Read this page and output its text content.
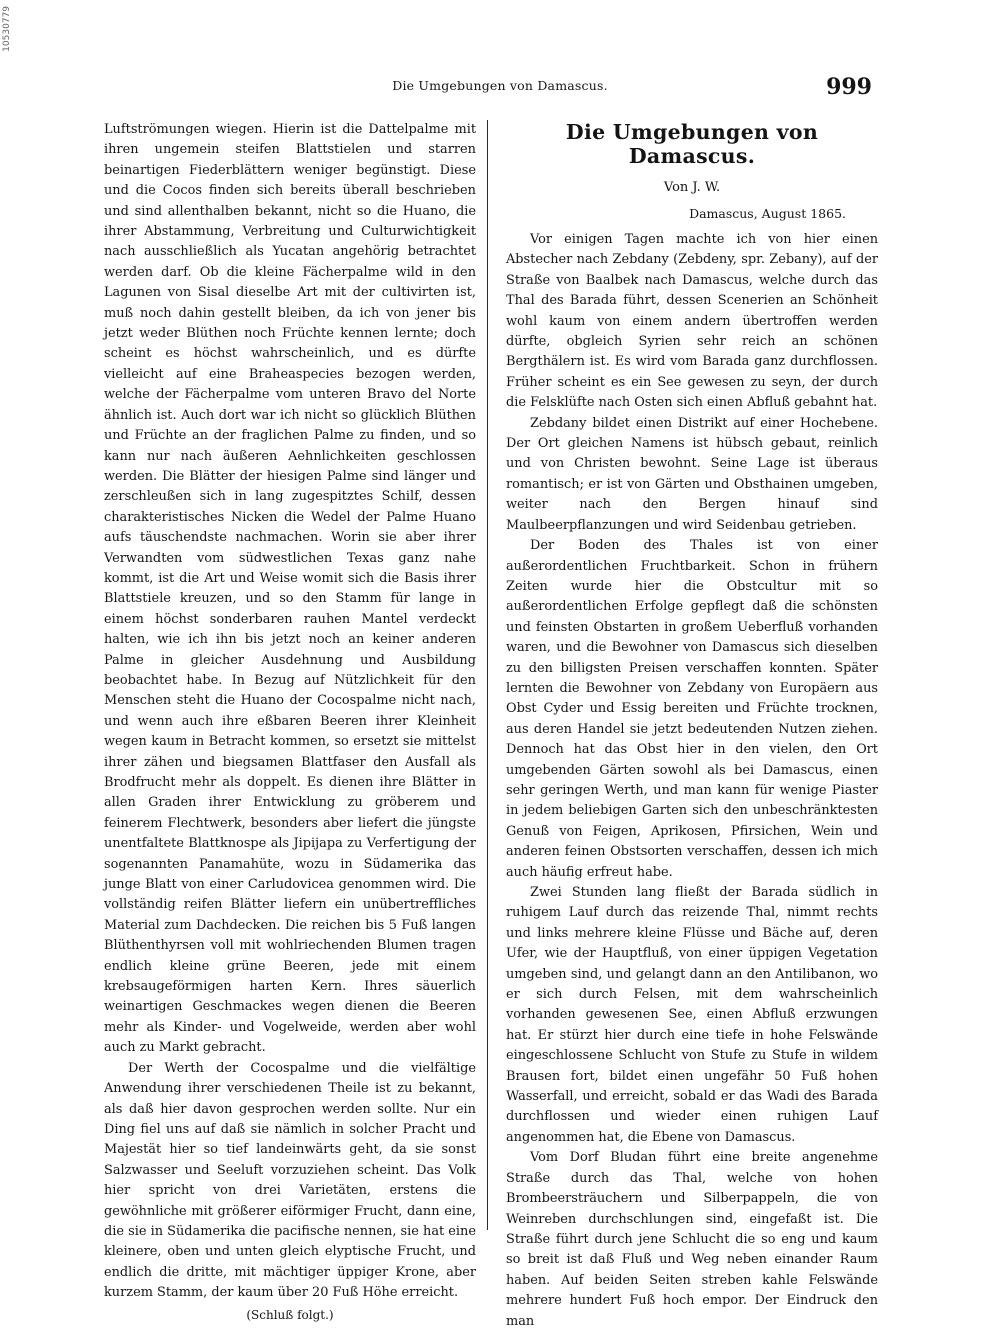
10530779
Die Umgebungen von Damascus.	999

Luftströmungen wiegen. Hierin ist die Dattelpalme mit ihren ungemein steifen Blattstielen und starren beinartigen Fiederblättern weniger begünstigt. Diese und die Cocos finden sich bereits überall beschrieben und sind allenthalben bekannt, nicht so die Huano, die ihrer Abstammung, Verbreitung und Culturwichtigkeit nach ausschließlich als Yucatan angehörig betrachtet werden darf. Ob die kleine Fächerpalme wild in den Lagunen von Sisal dieselbe Art mit der cultivirten ist, muß noch dahin gestellt bleiben, da ich von jener bis jetzt weder Blüthen noch Früchte kennen lernte; doch scheint es höchst wahrscheinlich, und es dürfte vielleicht auf eine Braheaspecies bezogen werden, welche der Fächerpalme vom unteren Bravo del Norte ähnlich ist. Auch dort war ich nicht so glücklich Blüthen und Früchte an der fraglichen Palme zu finden, und so kann nur nach äußeren Aehnlichkeiten geschlossen werden. Die Blätter der hiesigen Palme sind länger und zerschleußen sich in lang zugespitztes Schilf, dessen charakteristisches Nicken die Wedel der Palme Huano aufs täuschendste nachmachen. Worin sie aber ihrer Verwandten vom südwestlichen Texas ganz nahe kommt, ist die Art und Weise womit sich die Basis ihrer Blattstiele kreuzen, und so den Stamm für lange in einem höchst sonderbaren rauhen Mantel verdeckt halten, wie ich ihn bis jetzt noch an keiner anderen Palme in gleicher Ausdehnung und Ausbildung beobachtet habe. In Bezug auf Nützlichkeit für den Menschen steht die Huano der Cocospalme nicht nach, und wenn auch ihre eßbaren Beeren ihrer Kleinheit wegen kaum in Betracht kommen, so ersetzt sie mittelst ihrer zähen und biegsamen Blattfaser den Ausfall als Brodfrucht mehr als doppelt. Es dienen ihre Blätter in allen Graden ihrer Entwicklung zu gröberem und feinerem Flechtwerk, besonders aber liefert die jüngste unentfaltete Blattknospe als Jipijapa zu Verfertigung der sogenannten Panamahüte, wozu in Südamerika das junge Blatt von einer Carludovicea genommen wird. Die vollständig reifen Blätter liefern ein unübertreffliches Material zum Dachdecken. Die reichen bis 5 Fuß langen Blüthenthyrsen voll mit wohlriechenden Blumen tragen endlich kleine grüne Beeren, jede mit einem krebsaugeförmigen harten Kern. Ihres säuerlich weinartigen Geschmackes wegen dienen die Beeren mehr als Kinder- und Vogelweide, werden aber wohl auch zu Markt gebracht.

Der Werth der Cocospalme und die vielfältige Anwendung ihrer verschiedenen Theile ist zu bekannt, als daß hier davon gesprochen werden sollte. Nur ein Ding fiel uns auf daß sie nämlich in solcher Pracht und Majestät hier so tief landeinwärts geht, da sie sonst Salzwasser und Seeluft vorzuziehen scheint. Das Volk hier spricht von drei Varietäten, erstens die gewöhnliche mit größerer eiförmiger Frucht, dann eine, die sie in Südamerika die pacifische nennen, sie hat eine kleinere, oben und unten gleich elyptische Frucht, und endlich die dritte, mit mächtiger üppiger Krone, aber kurzem Stamm, der kaum über 20 Fuß Höhe erreicht.

(Schluß folgt.)
Die Umgebungen von Damascus.
Von J. W.
Damascus, August 1865.

Vor einigen Tagen machte ich von hier einen Abstecher nach Zebdany (Zebdeny, spr. Zebany), auf der Straße von Baalbek nach Damascus, welche durch das Thal des Barada führt, dessen Scenerien an Schönheit wohl kaum von einem andern übertroffen werden dürfte, obgleich Syrien sehr reich an schönen Bergthälern ist. Es wird vom Barada ganz durchflossen. Früher scheint es ein See gewesen zu seyn, der durch die Felsklüfte nach Osten sich einen Abfluß gebahnt hat.

Zebdany bildet einen Distrikt auf einer Hochebene. Der Ort gleichen Namens ist hübsch gebaut, reinlich und von Christen bewohnt. Seine Lage ist überaus romantisch; er ist von Gärten und Obsthainen umgeben, weiter nach den Bergen hinauf sind Maulbeerpflanzungen und wird Seidenbau getrieben.

Der Boden des Thales ist von einer außerordentlichen Fruchtbarkeit. Schon in frühern Zeiten wurde hier die Obstcultur mit so außerordentlichen Erfolge gepflegt daß die schönsten und feinsten Obstarten in großem Ueberfluß vorhanden waren, und die Bewohner von Damascus sich dieselben zu den billigsten Preisen verschaffen konnten. Später lernten die Bewohner von Zebdany von Europäern aus Obst Cyder und Essig bereiten und Früchte trocknen, aus deren Handel sie jetzt bedeutenden Nutzen ziehen. Dennoch hat das Obst hier in den vielen, den Ort umgebenden Gärten sowohl als bei Damascus, einen sehr geringen Werth, und man kann für wenige Piaster in jedem beliebigen Garten sich den unbeschränktesten Genuß von Feigen, Aprikosen, Pfirsichen, Wein und anderen feinen Obstsorten verschaffen, dessen ich mich auch häufig erfreut habe.

Zwei Stunden lang fließt der Barada südlich in ruhigem Lauf durch das reizende Thal, nimmt rechts und links mehrere kleine Flüsse und Bäche auf, deren Ufer, wie der Hauptfluß, von einer üppigen Vegetation umgeben sind, und gelangt dann an den Antilibanon, wo er sich durch Felsen, mit dem wahrscheinlich vorhanden gewesenen See, einen Abfluß erzwungen hat. Er stürzt hier durch eine tiefe in hohe Felswände eingeschlossene Schlucht von Stufe zu Stufe in wildem Brausen fort, bildet einen ungefähr 50 Fuß hohen Wasserfall, und erreicht, sobald er das Wadi des Barada durchflossen und wieder einen ruhigen Lauf angenommen hat, die Ebene von Damascus.

Vom Dorf Bludan führt eine breite angenehme Straße durch das Thal, welche von hohen Brombeersträuchern und Silberpappeln, die von Weinreben durchschlungen sind, eingefaßt ist. Die Straße führt durch jene Schlucht die so eng und kaum so breit ist daß Fluß und Weg neben einander Raum haben. Auf beiden Seiten streben kahle Felswände mehrere hundert Fuß hoch empor. Der Eindruck den man
